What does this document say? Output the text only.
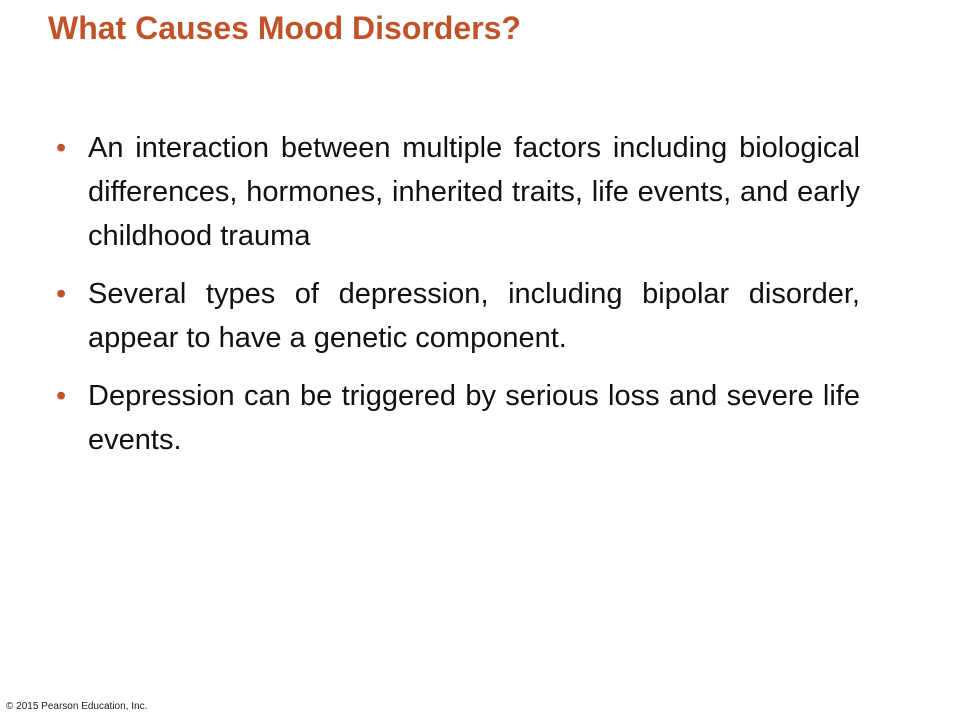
What Causes Mood Disorders?
• An interaction between multiple factors including biological differences, hormones, inherited traits, life events, and early childhood trauma
• Several types of depression, including bipolar disorder, appear to have a genetic component.
• Depression can be triggered by serious loss and severe life events.
© 2015 Pearson Education, Inc.
